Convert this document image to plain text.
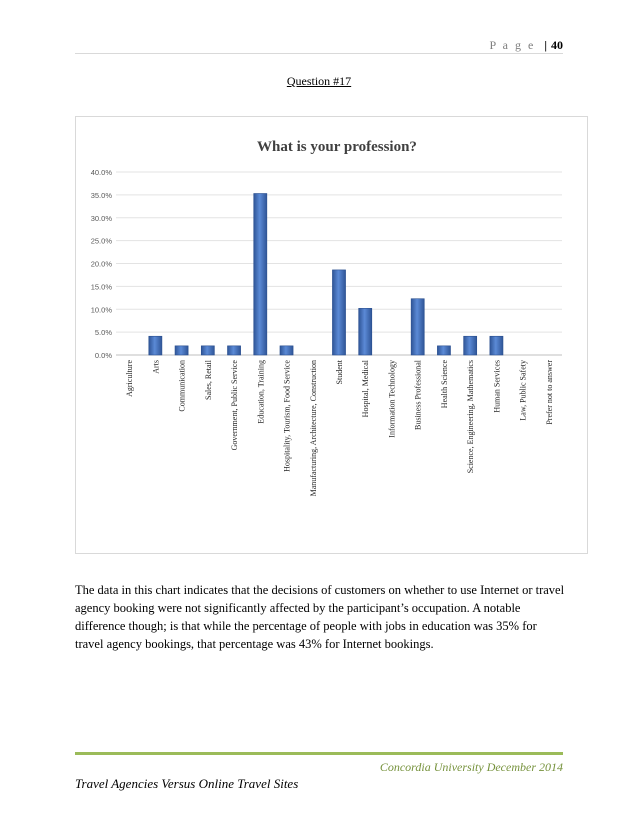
P a g e | 40
Question #17
What is your profession?
0.0%
5.0%
10.0%
15.0%
20.0%
25.0%
30.0%
35.0%
40.0%
Agriculture Arts Communication Sales, Retail Government, Public Service Education, Training Hospitality, Tourism, Food Service Manufacturing, Architecture, Construction Student Hospital, Medical Information Technology Business Professional Health Science Science, Engineering, Mathematics Human Services Law, Public Safety Prefer not to answer

The data in this chart indicates that the decisions of customers on whether to use Internet or travel agency booking were not significantly affected by the participant’s occupation. A notable difference though; is that while the percentage of people with jobs in education was 35% for travel agency bookings, that percentage was 43% for Internet bookings.

Concordia University December 2014
Travel Agencies Versus Online Travel Sites
